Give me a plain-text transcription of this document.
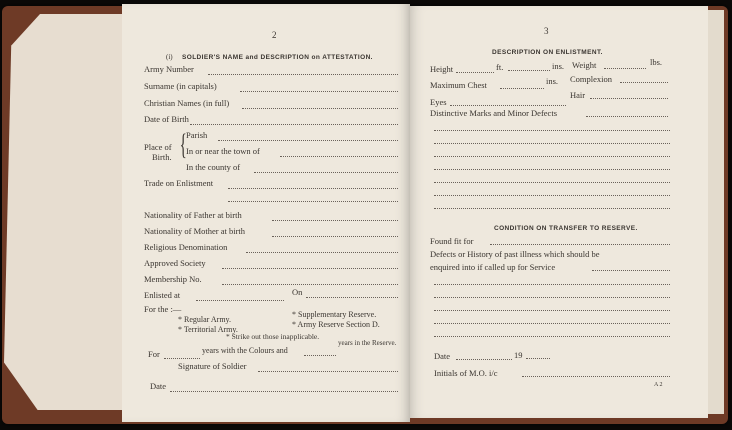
2
(i) SOLDIER'S NAME and DESCRIPTION on ATTESTATION.
Army Number
Surname (in capitals)
Christian Names (in full)
Date of Birth
Place of
Birth. { Parish
In or near the town of
In the county of
Trade on Enlistment
Nationality of Father at birth
Nationality of Mother at birth
Religious Denomination
Approved Society
Membership No.
Enlisted at	On
For the :—
* Regular Army.
* Territorial Army.
* Supplementary Reserve.
* Army Reserve Section D.
* Strike out those inapplicable.
For	years with the Colours and
years in the Reserve.
Signature of Soldier
Date
3
DESCRIPTION ON ENLISTMENT.
Height	ft.	ins. Weight	lbs.
Maximum Chest	ins. Complexion
Eyes
Hair
Distinctive Marks and Minor Defects
CONDITION ON TRANSFER TO RESERVE.
Found fit for
Defects or History of past illness which should be
enquired into if called up for Service
Date	19
Initials of M.O. i/c
A 2
